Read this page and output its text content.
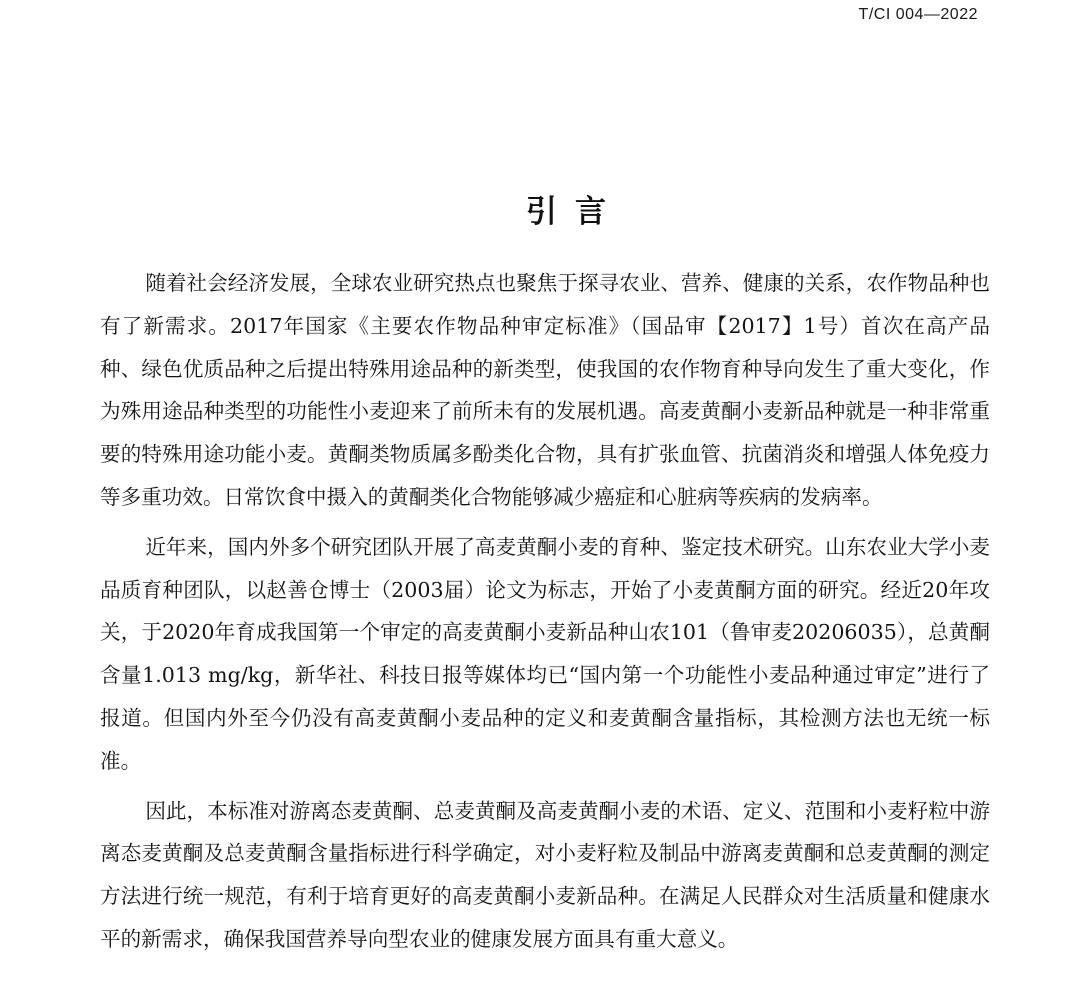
T/CI 004—2022
引言

随着社会经济发展，全球农业研究热点也聚焦于探寻农业、营养、健康的关系，农作物品种也有了新需求。2017年国家《主要农作物品种审定标准》（国品审【2017】1号）首次在高产品种、绿色优质品种之后提出特殊用途品种的新类型，使我国的农作物育种导向发生了重大变化，作为殊用途品种类型的功能性小麦迎来了前所未有的发展机遇。高麦黄酮小麦新品种就是一种非常重要的特殊用途功能小麦。黄酮类物质属多酚类化合物，具有扩张血管、抗菌消炎和增强人体免疫力等多重功效。日常饮食中摄入的黄酮类化合物能够减少癌症和心脏病等疾病的发病率。

近年来，国内外多个研究团队开展了高麦黄酮小麦的育种、鉴定技术研究。山东农业大学小麦品质育种团队，以赵善仓博士（2003届）论文为标志，开始了小麦黄酮方面的研究。经近20年攻关，于2020年育成我国第一个审定的高麦黄酮小麦新品种山农101（鲁审麦20206035），总黄酮含量1.013 mg/kg，新华社、科技日报等媒体均已“国内第一个功能性小麦品种通过审定”进行了报道。但国内外至今仍没有高麦黄酮小麦品种的定义和麦黄酮含量指标，其检测方法也无统一标准。

因此，本标准对游离态麦黄酮、总麦黄酮及高麦黄酮小麦的术语、定义、范围和小麦籽粒中游离态麦黄酮及总麦黄酮含量指标进行科学确定，对小麦籽粒及制品中游离麦黄酮和总麦黄酮的测定方法进行统一规范，有利于培育更好的高麦黄酮小麦新品种。在满足人民群众对生活质量和健康水平的新需求，确保我国营养导向型农业的健康发展方面具有重大意义。
